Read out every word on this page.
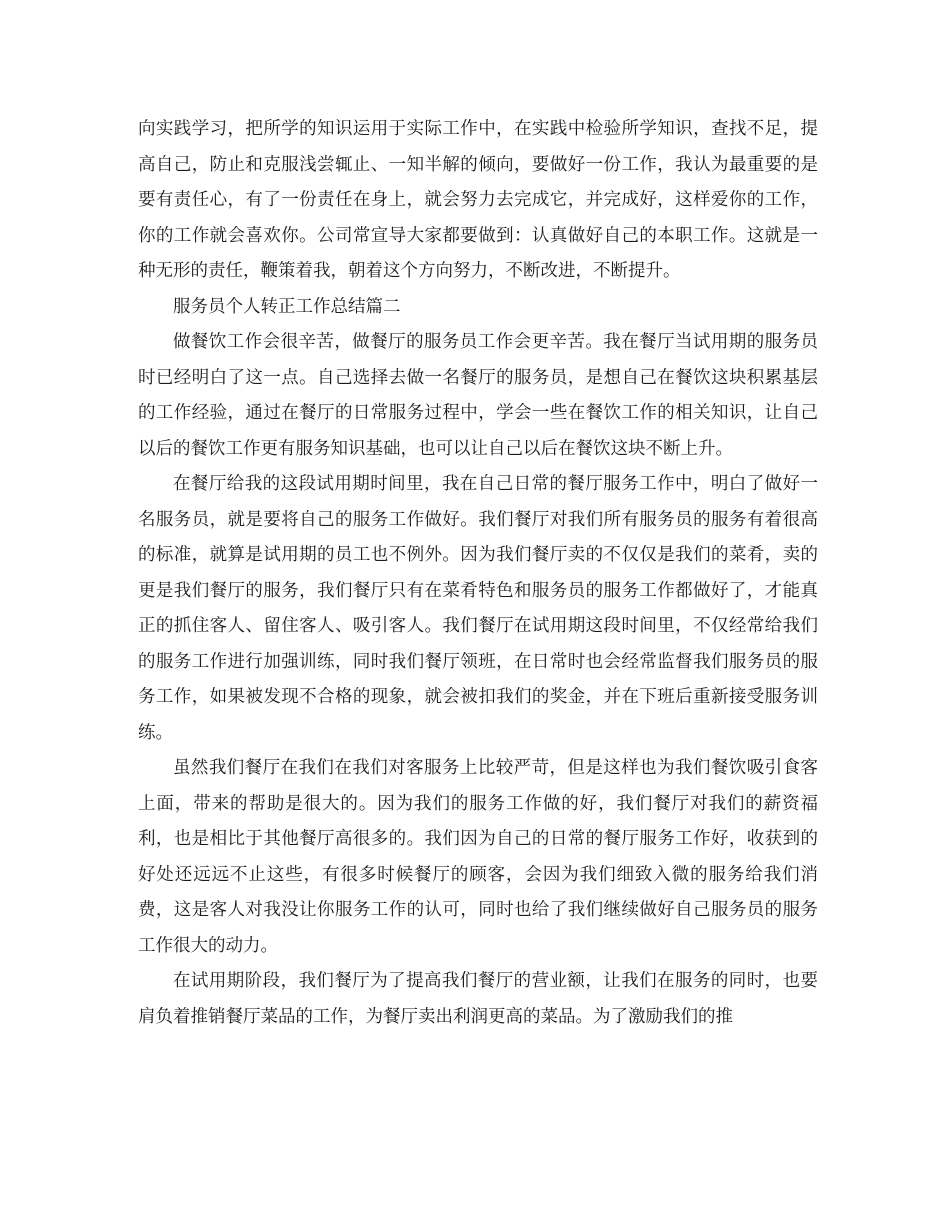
向实践学习，把所学的知识运用于实际工作中，在实践中检验所学知识，查找不足，提高自己，防止和克服浅尝辄止、一知半解的倾向，要做好一份工作，我认为最重要的是要有责任心，有了一份责任在身上，就会努力去完成它，并完成好，这样爱你的工作，你的工作就会喜欢你。公司常宣导大家都要做到：认真做好自己的本职工作。这就是一种无形的责任，鞭策着我，朝着这个方向努力，不断改进，不断提升。

服务员个人转正工作总结篇二

做餐饮工作会很辛苦，做餐厅的服务员工作会更辛苦。我在餐厅当试用期的服务员时已经明白了这一点。自己选择去做一名餐厅的服务员，是想自己在餐饮这块积累基层的工作经验，通过在餐厅的日常服务过程中，学会一些在餐饮工作的相关知识，让自己以后的餐饮工作更有服务知识基础，也可以让自己以后在餐饮这块不断上升。

在餐厅给我的这段试用期时间里，我在自己日常的餐厅服务工作中，明白了做好一名服务员，就是要将自己的服务工作做好。我们餐厅对我们所有服务员的服务有着很高的标准，就算是试用期的员工也不例外。因为我们餐厅卖的不仅仅是我们的菜肴，卖的更是我们餐厅的服务，我们餐厅只有在菜肴特色和服务员的服务工作都做好了，才能真正的抓住客人、留住客人、吸引客人。我们餐厅在试用期这段时间里，不仅经常给我们的服务工作进行加强训练，同时我们餐厅领班，在日常时也会经常监督我们服务员的服务工作，如果被发现不合格的现象，就会被扣我们的奖金，并在下班后重新接受服务训练。

虽然我们餐厅在我们在我们对客服务上比较严苛，但是这样也为我们餐饮吸引食客上面，带来的帮助是很大的。因为我们的服务工作做的好，我们餐厅对我们的薪资福利，也是相比于其他餐厅高很多的。我们因为自己的日常的餐厅服务工作好，收获到的好处还远远不止这些，有很多时候餐厅的顾客，会因为我们细致入微的服务给我们消费，这是客人对我没让你服务工作的认可，同时也给了我们继续做好自己服务员的服务工作很大的动力。

在试用期阶段，我们餐厅为了提高我们餐厅的营业额，让我们在服务的同时，也要肩负着推销餐厅菜品的工作，为餐厅卖出利润更高的菜品。为了激励我们的推
